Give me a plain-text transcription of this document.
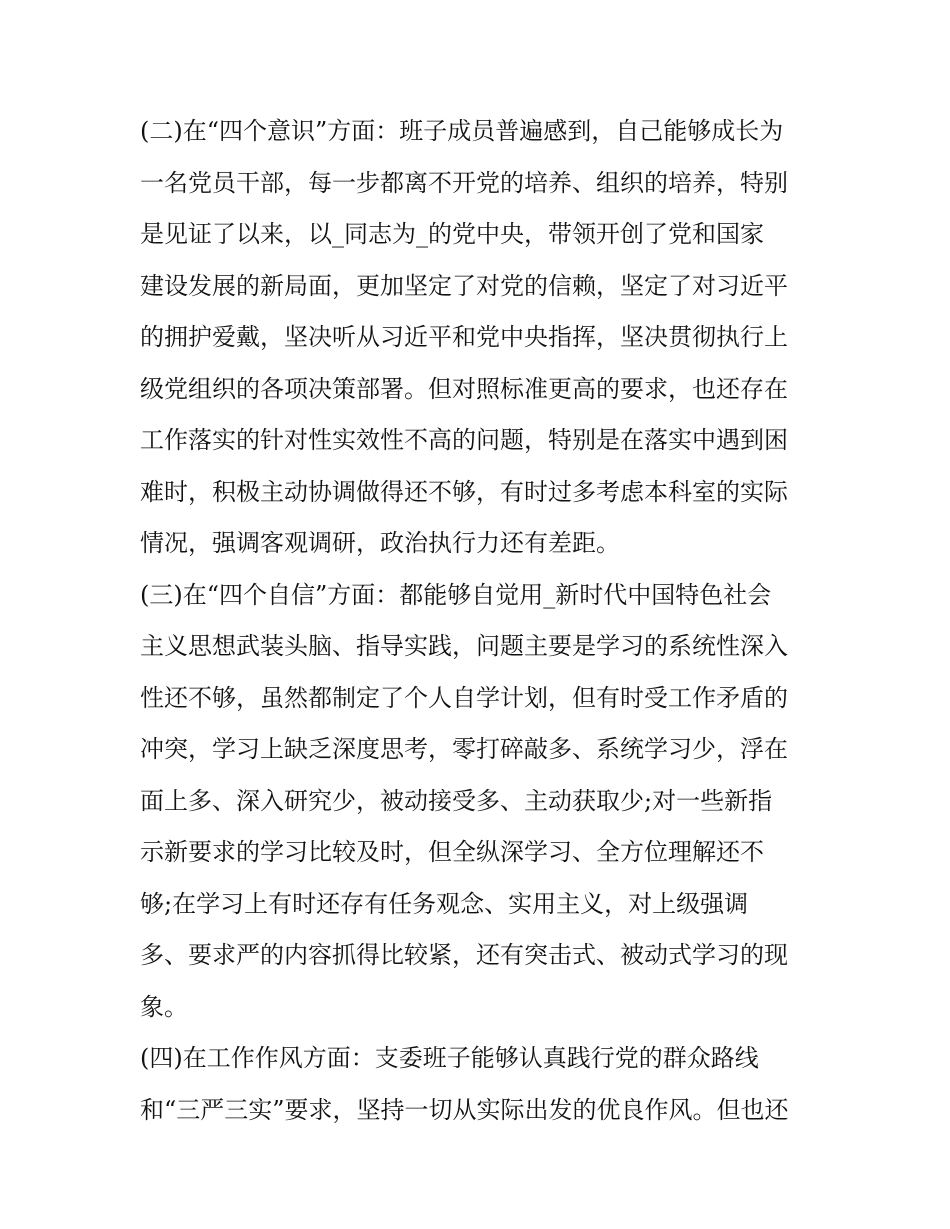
(二)在“四个意识”方面：班子成员普遍感到，自己能够成长为
一名党员干部，每一步都离不开党的培养、组织的培养，特别
是见证了以来，以_同志为_的党中央，带领开创了党和国家
建设发展的新局面，更加坚定了对党的信赖，坚定了对习近平
的拥护爱戴，坚决听从习近平和党中央指挥，坚决贯彻执行上
级党组织的各项决策部署。但对照标准更高的要求，也还存在
工作落实的针对性实效性不高的问题，特别是在落实中遇到困
难时，积极主动协调做得还不够，有时过多考虑本科室的实际
情况，强调客观调研，政治执行力还有差距。
(三)在“四个自信”方面：都能够自觉用_新时代中国特色社会
主义思想武装头脑、指导实践，问题主要是学习的系统性深入
性还不够，虽然都制定了个人自学计划，但有时受工作矛盾的
冲突，学习上缺乏深度思考，零打碎敲多、系统学习少，浮在
面上多、深入研究少，被动接受多、主动获取少;对一些新指
示新要求的学习比较及时，但全纵深学习、全方位理解还不
够;在学习上有时还存有任务观念、实用主义，对上级强调
多、要求严的内容抓得比较紧，还有突击式、被动式学习的现
象。
(四)在工作作风方面：支委班子能够认真践行党的群众路线
和“三严三实”要求，坚持一切从实际出发的优良作风。但也还
